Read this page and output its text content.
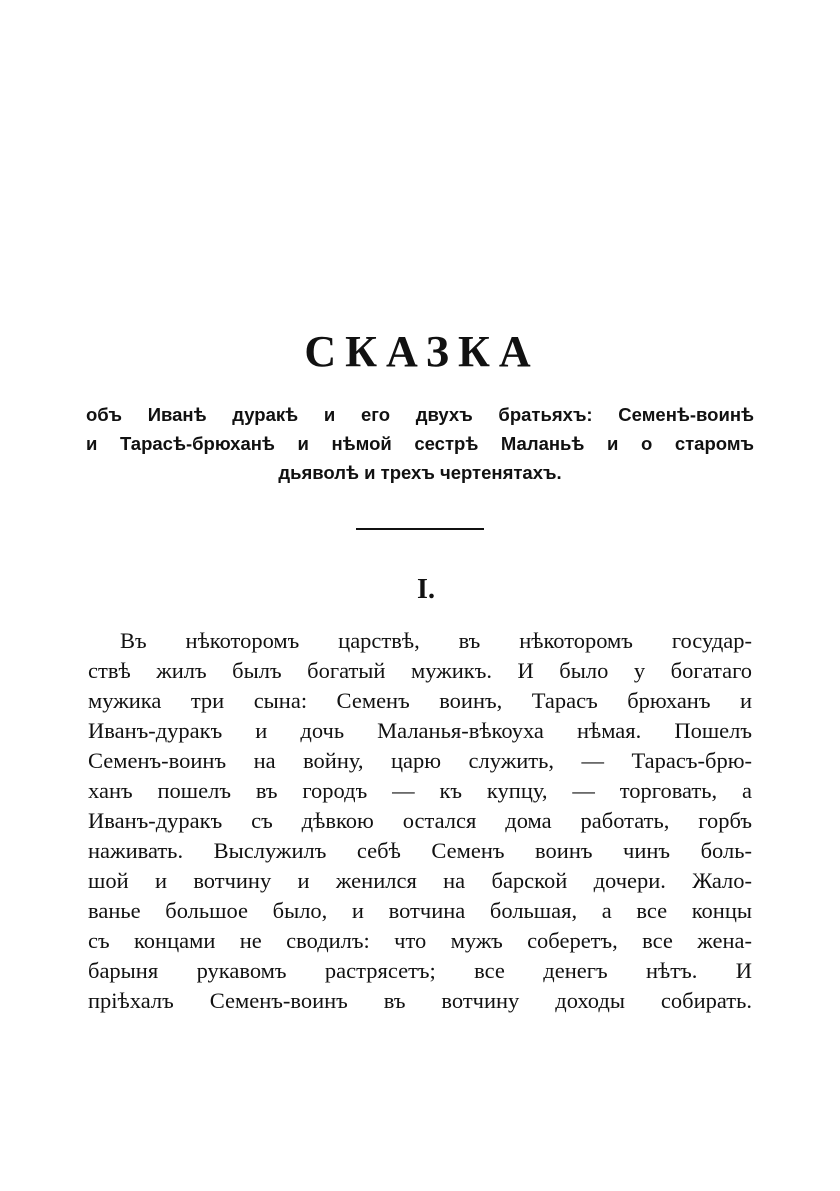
СКАЗКА
объ Иванѣ дуракѣ и его двухъ братьяхъ: Семенѣ-воинѣ
и Тарасѣ-брюханѣ и нѣмой сестрѣ Маланьѣ и о старомъ
дьяволѣ и трехъ чертенятахъ.
I.
Въ нѣкоторомъ царствѣ, въ нѣкоторомъ государ-
ствѣ жилъ былъ богатый мужикъ. И было у богатаго
мужика три сына: Семенъ воинъ, Тарасъ брюханъ и
Иванъ-дуракъ и дочь Маланья-вѣкоуха нѣмая. Пошелъ
Семенъ-воинъ на войну, царю служить, — Тарасъ-брю-
ханъ пошелъ въ городъ — къ купцу, — торговать, а
Иванъ-дуракъ съ дѣвкою остался дома работать, горбъ
наживать. Выслужилъ себѣ Семенъ воинъ чинъ боль-
шой и вотчину и женился на барской дочери. Жало-
ванье большое было, и вотчина большая, а все концы
съ концами не сводилъ: что мужъ соберетъ, все жена-
барыня рукавомъ растрясетъ; все денегъ нѣтъ. И
пріѣхалъ Семенъ-воинъ въ вотчину доходы собирать.
